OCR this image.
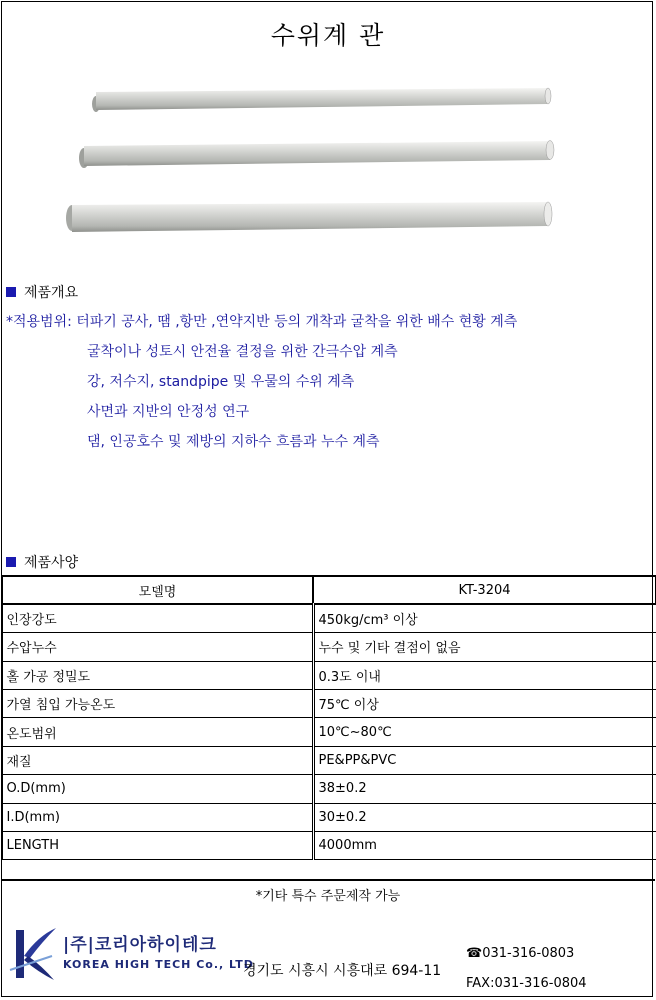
수위계 관
제품개요
*적용범위: 터파기 공사, 땜 ,항만 ,연약지반 등의 개착과 굴착을 위한 배수 현황 계측
굴착이나 성토시 안전율 결정을 위한 간극수압 계측
강, 저수지, standpipe 및 우물의 수위 계측
사면과 지반의 안정성 연구
댐, 인공호수 및 제방의 지하수 흐름과 누수 계측
제품사양
모델명	KT-3204
인장강도	450kg/cm³ 이상
수압누수	누수 및 기타 결점이 없음
홀 가공 정밀도	0.3도 이내
가열 침입 가능온도	75℃ 이상
온도범위	10℃~80℃
재질	PE&PP&PVC
O.D(mm)	38±0.2
I.D(mm)	30±0.2
LENGTH	4000mm
*기타 특수 주문제작 가능
|주|코리아하이테크
KOREA HIGH TECH Co., LTD
경기도 시흥시 시흥대로 694-11
☎031-316-0803
FAX:031-316-0804
